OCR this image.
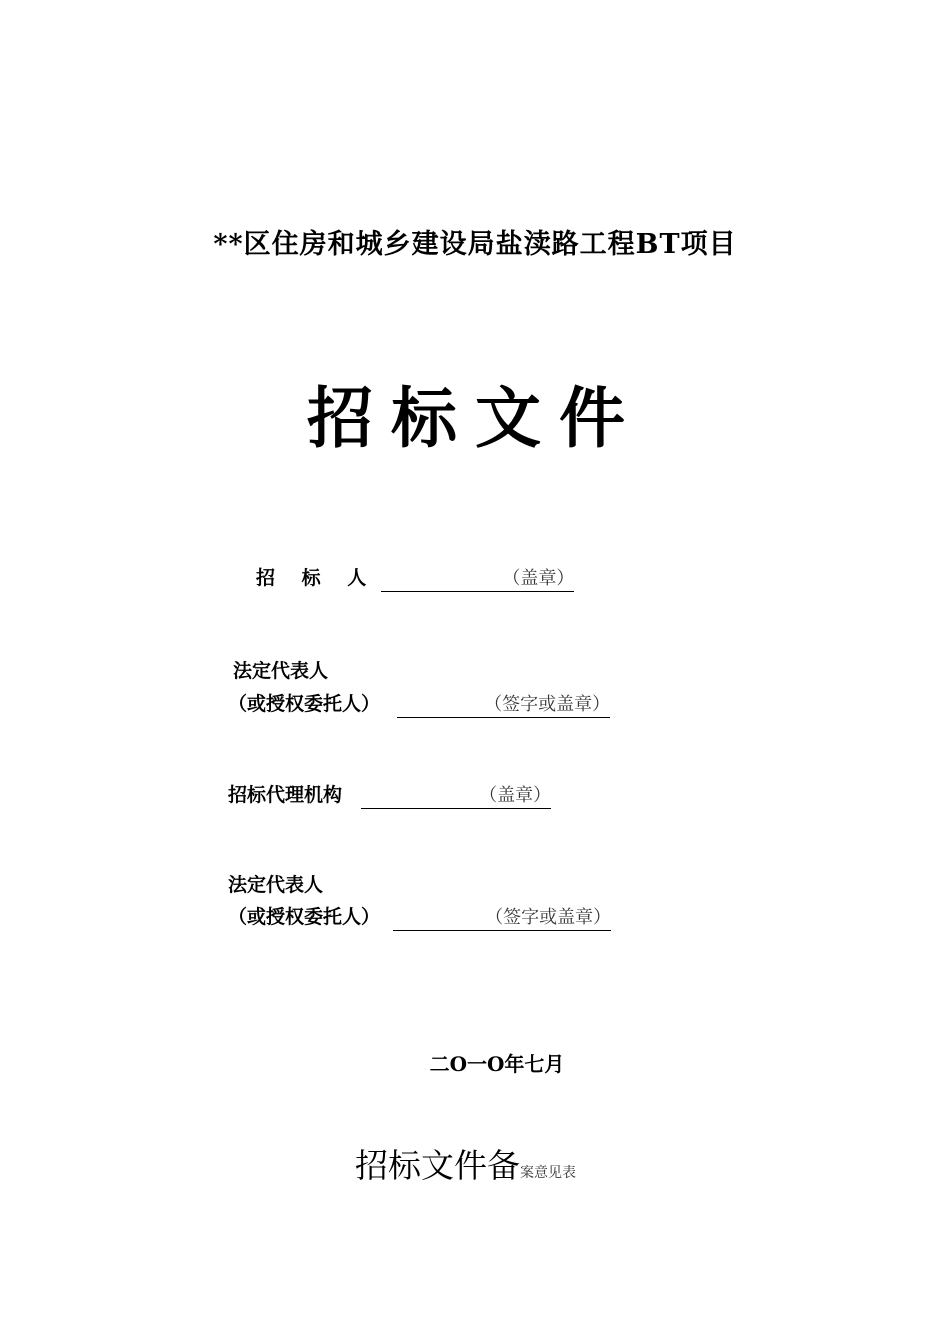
**区住房和城乡建设局盐渎路工程BT项目
招标文件
招 标 人	（盖章）
法定代表人
（或授权委托人）	（签字或盖章）
招标代理机构	（盖章）
法定代表人
（或授权委托人）	（签字或盖章）
二O一O年七月
招标文件备案意见表
